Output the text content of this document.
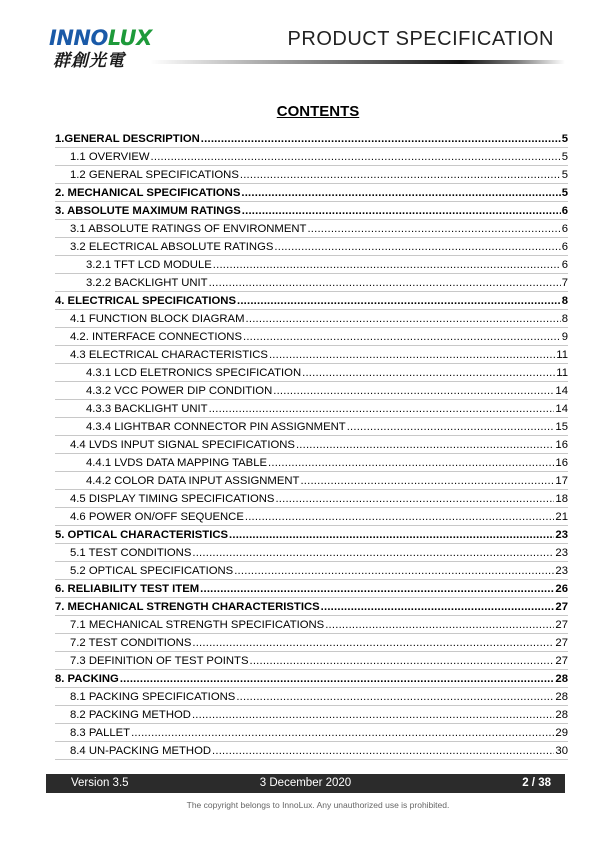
INNOLUX
群創光電
PRODUCT SPECIFICATION
CONTENTS
1.GENERAL DESCRIPTION .....	5
1.1 OVERVIEW .....	5
1.2 GENERAL SPECIFICATIONS .....	5
2. MECHANICAL SPECIFICATIONS .....	5
3. ABSOLUTE MAXIMUM RATINGS .....	6
3.1 ABSOLUTE RATINGS OF ENVIRONMENT .....	6
3.2 ELECTRICAL ABSOLUTE RATINGS .....	6
3.2.1 TFT LCD MODULE .....	6
3.2.2 BACKLIGHT UNIT .....	7
4. ELECTRICAL SPECIFICATIONS .....	8
4.1 FUNCTION BLOCK DIAGRAM .....	8
4.2. INTERFACE CONNECTIONS .....	9
4.3 ELECTRICAL CHARACTERISTICS .....	11
4.3.1 LCD ELETRONICS SPECIFICATION .....	11
4.3.2 VCC POWER DIP CONDITION .....	14
4.3.3 BACKLIGHT UNIT .....	14
4.3.4 LIGHTBAR CONNECTOR PIN ASSIGNMENT .....	15
4.4 LVDS INPUT SIGNAL SPECIFICATIONS .....	16
4.4.1 LVDS DATA MAPPING TABLE .....	16
4.4.2 COLOR DATA INPUT ASSIGNMENT .....	17
4.5 DISPLAY TIMING SPECIFICATIONS .....	18
4.6 POWER ON/OFF SEQUENCE .....	21
5. OPTICAL CHARACTERISTICS .....	23
5.1 TEST CONDITIONS .....	23
5.2 OPTICAL SPECIFICATIONS .....	23
6. RELIABILITY TEST ITEM .....	26
7. MECHANICAL STRENGTH CHARACTERISTICS .....	27
7.1 MECHANICAL STRENGTH SPECIFICATIONS .....	27
7.2 TEST CONDITIONS .....	27
7.3 DEFINITION OF TEST POINTS .....	27
8. PACKING .....	28
8.1 PACKING SPECIFICATIONS .....	28
8.2 PACKING METHOD .....	28
8.3 PALLET .....	29
8.4 UN-PACKING METHOD .....	30
Version 3.5	3 December 2020	2 / 38
The copyright belongs to InnoLux. Any unauthorized use is prohibited.
